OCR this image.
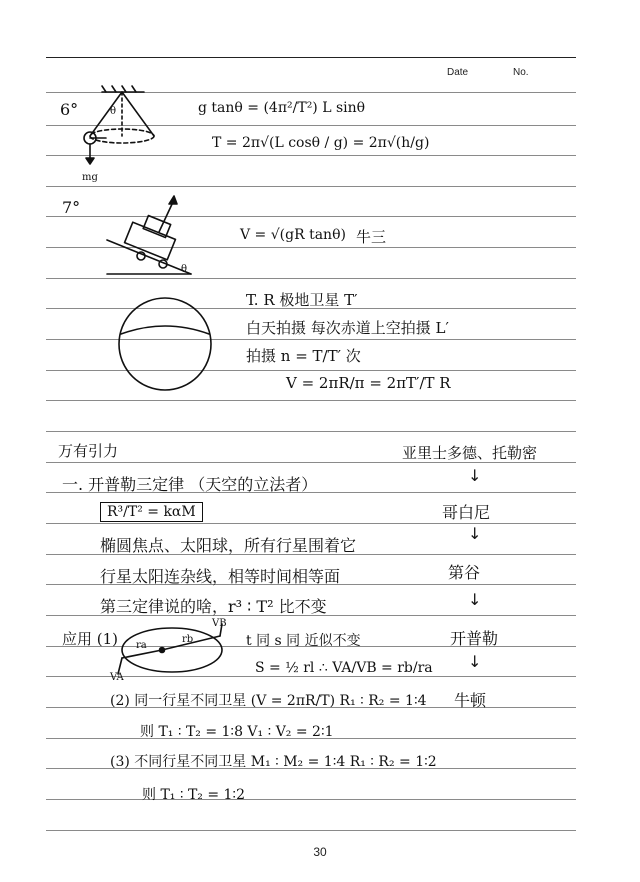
Date	No.
6°	θ
mg
g tanθ = (4π²/T²) L sinθ
T = 2π√(L cosθ / g) = 2π√(h/g)
7°
θ
V = √(gR tanθ) 牛三
T. R 极地卫星 T′
白天拍摄 每次赤道上空拍摄 L′
拍摄 n = T/T′ 次
V = 2πR/π = 2πT′/T R
万有引力	亚里士多德、托勒密
↓
一. 开普勒三定律 （天空的立法者）
R³/T² = kαM	哥白尼
↓
椭圆焦点、太阳球，所有行星围着它
行星太阳连杂线，相等时间相等面	第谷
↓
第三定律说的啥，r³ ∶ T² 比不变
应用 (1)
VB
VA
ra
rb	t 同 s 同 近似不变	开普勒
S = ½ rl ∴ VA/VB = rb/ra ↓
(2) 同一行星不同卫星 (V = 2πR/T) R₁ ∶ R₂ = 1∶4 牛顿
则 T₁ ∶ T₂ = 1∶8 V₁ ∶ V₂ = 2∶1
(3) 不同行星不同卫星 M₁ ∶ M₂ = 1∶4 R₁ ∶ R₂ = 1∶2
则 T₁ ∶ T₂ = 1∶2
30
